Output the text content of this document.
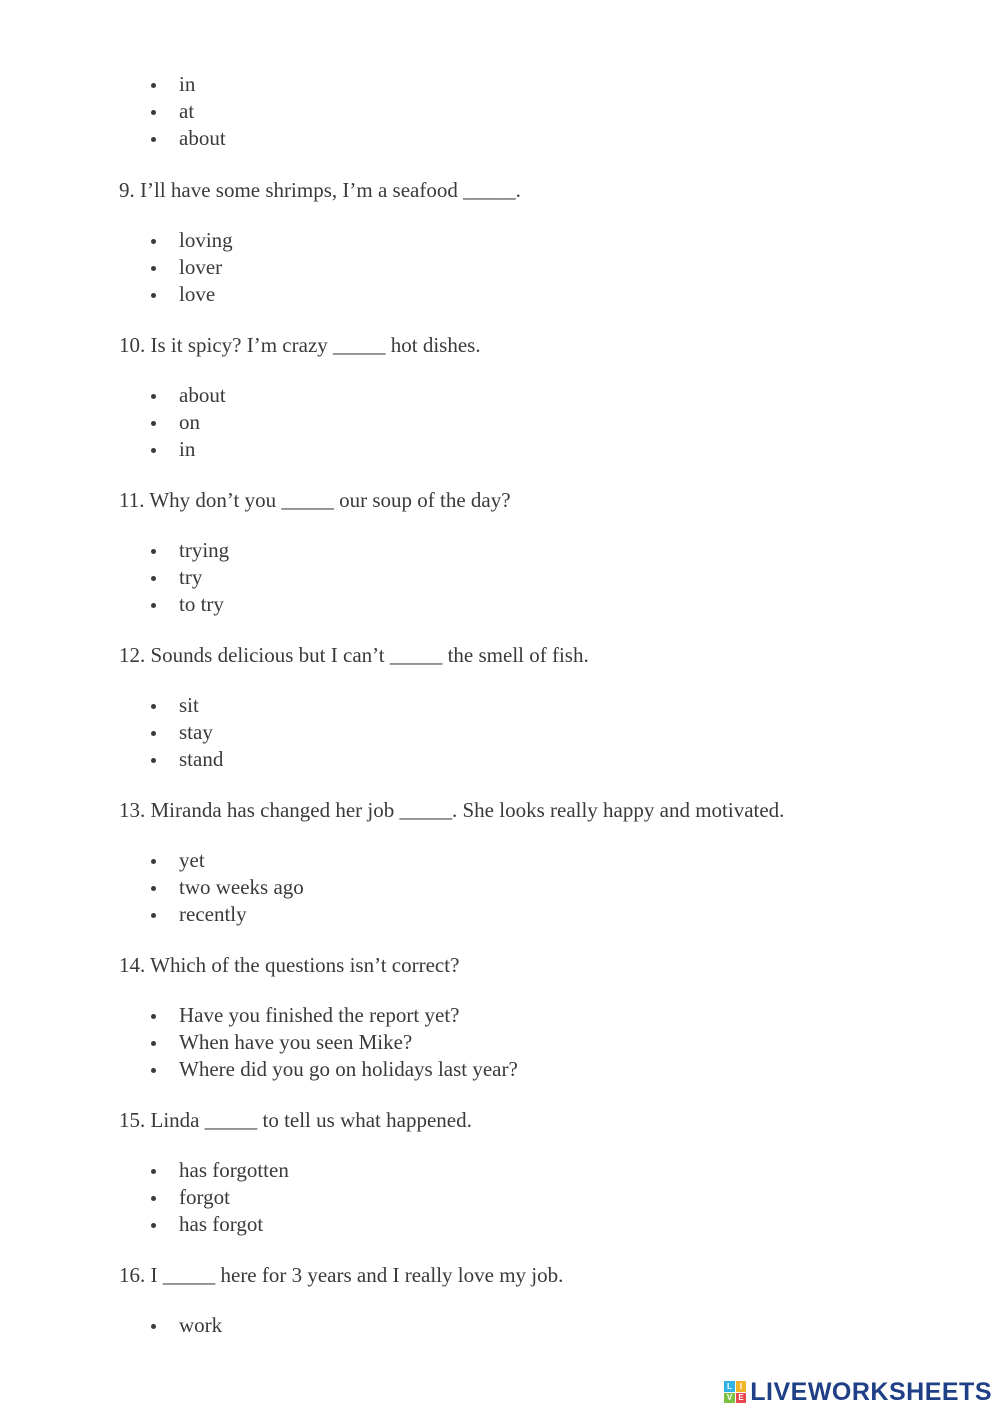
in
at
about
9. I’ll have some shrimps, I’m a seafood _____.
loving
lover
love
10. Is it spicy? I’m crazy _____ hot dishes.
about
on
in
11. Why don’t you _____ our soup of the day?
trying
try
to try
12. Sounds delicious but I can’t _____ the smell of fish.
sit
stay
stand
13. Miranda has changed her job _____. She looks really happy and motivated.
yet
two weeks ago
recently
14. Which of the questions isn’t correct?
Have you finished the report yet?
When have you seen Mike?
Where did you go on holidays last year?
15. Linda _____ to tell us what happened.
has forgotten
forgot
has forgot
16. I _____ here for 3 years and I really love my job.
work
L I
V E LIVEWORKSHEETS
